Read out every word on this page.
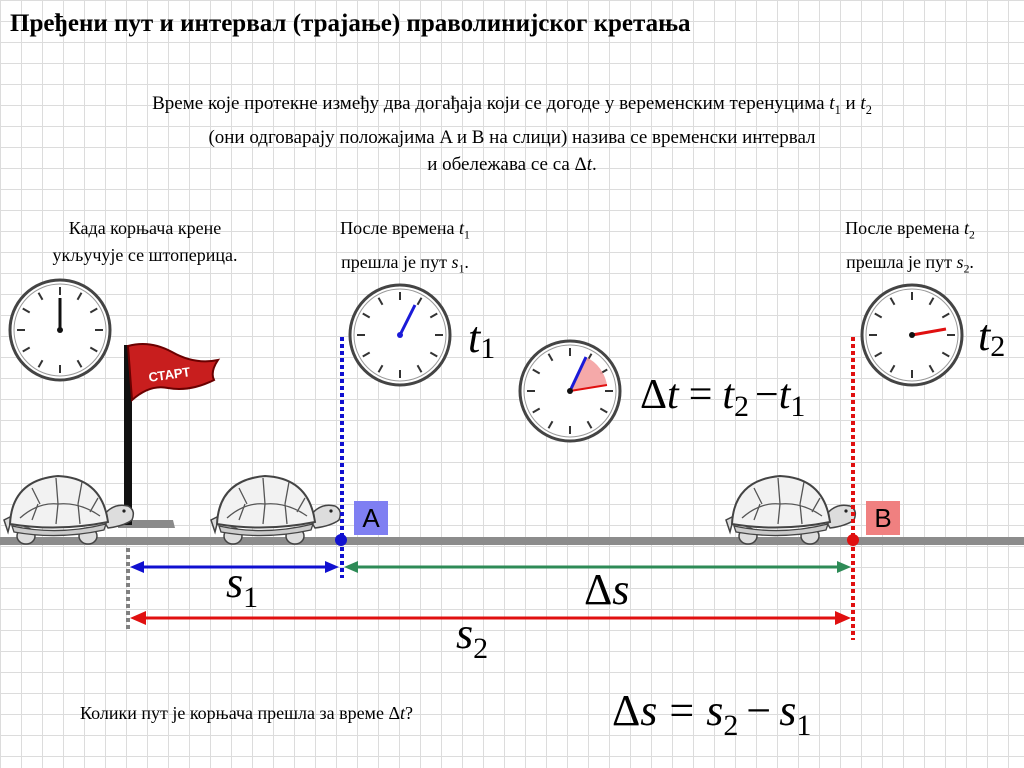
Пређени пут и интервал (трајање) праволинијског кретања
Време које протекне између два догађаја који се догоде у веременским теренуцима $t_1$ и $t_2$
(они одговарају положајима A и B на слици) назива се временски интервал
и обележава се са Δt.
Када корњача крене
укључује се штоперица.
После времена $t_1$
прешла је пут $s_1$.
После времена $t_2$
прешла је пут $s_2$.
СТАРТ
t1	t2
Δt = t2 −t1
$s_1$	Δs
$s_2$
$\Delta s = s_2 - s_1$
A	B
Колики пут је корњача прешла за време Δt?
